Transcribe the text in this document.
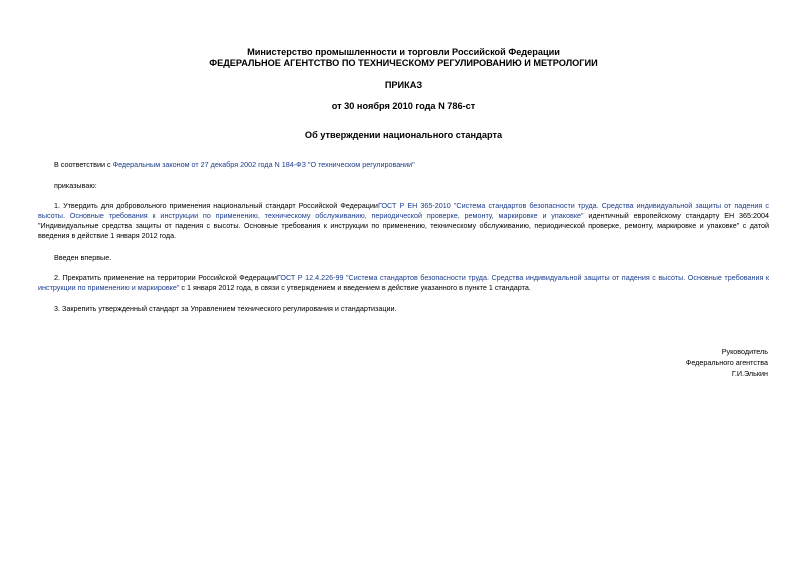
Министерство промышленности и торговли Российской Федерации
ФЕДЕРАЛЬНОЕ АГЕНТСТВО ПО ТЕХНИЧЕСКОМУ РЕГУЛИРОВАНИЮ И МЕТРОЛОГИИ
ПРИКАЗ
от 30 ноября 2010 года N 786-ст
Об утверждении национального стандарта
В соответствии с Федеральным законом от 27 декабря 2002 года N 184-ФЗ "О техническом регулировании"
приказываю:
1. Утвердить для добровольного применения национальный стандарт Российской ФедерацииГОСТ Р ЕН 365-2010 "Система стандартов безопасности труда. Средства индивидуальной защиты от падения с высоты. Основные требования к инструкции по применению, техническому обслуживанию, периодической проверке, ремонту, маркировке и упаковке" идентичный европейскому стандарту ЕН 365:2004 "Индивидуальные средства защиты от падения с высоты. Основные требования к инструкции по применению, техническому обслуживанию, периодической проверке, ремонту, маркировке и упаковке" с датой введения в действие 1 января 2012 года.
Введен впервые.
2. Прекратить применение на территории Российской ФедерацииГОСТ Р 12.4.226-99 "Система стандартов безопасности труда. Средства индивидуальной защиты от падения с высоты. Основные требования к инструкции по применению и маркировке" с 1 января 2012 года, в связи с утверждением и введением в действие указанного в пункте 1 стандарта.
3. Закрепить утвержденный стандарт за Управлением технического регулирования и стандартизации.
Руководитель
Федерального агентства
Г.И.Элькин
